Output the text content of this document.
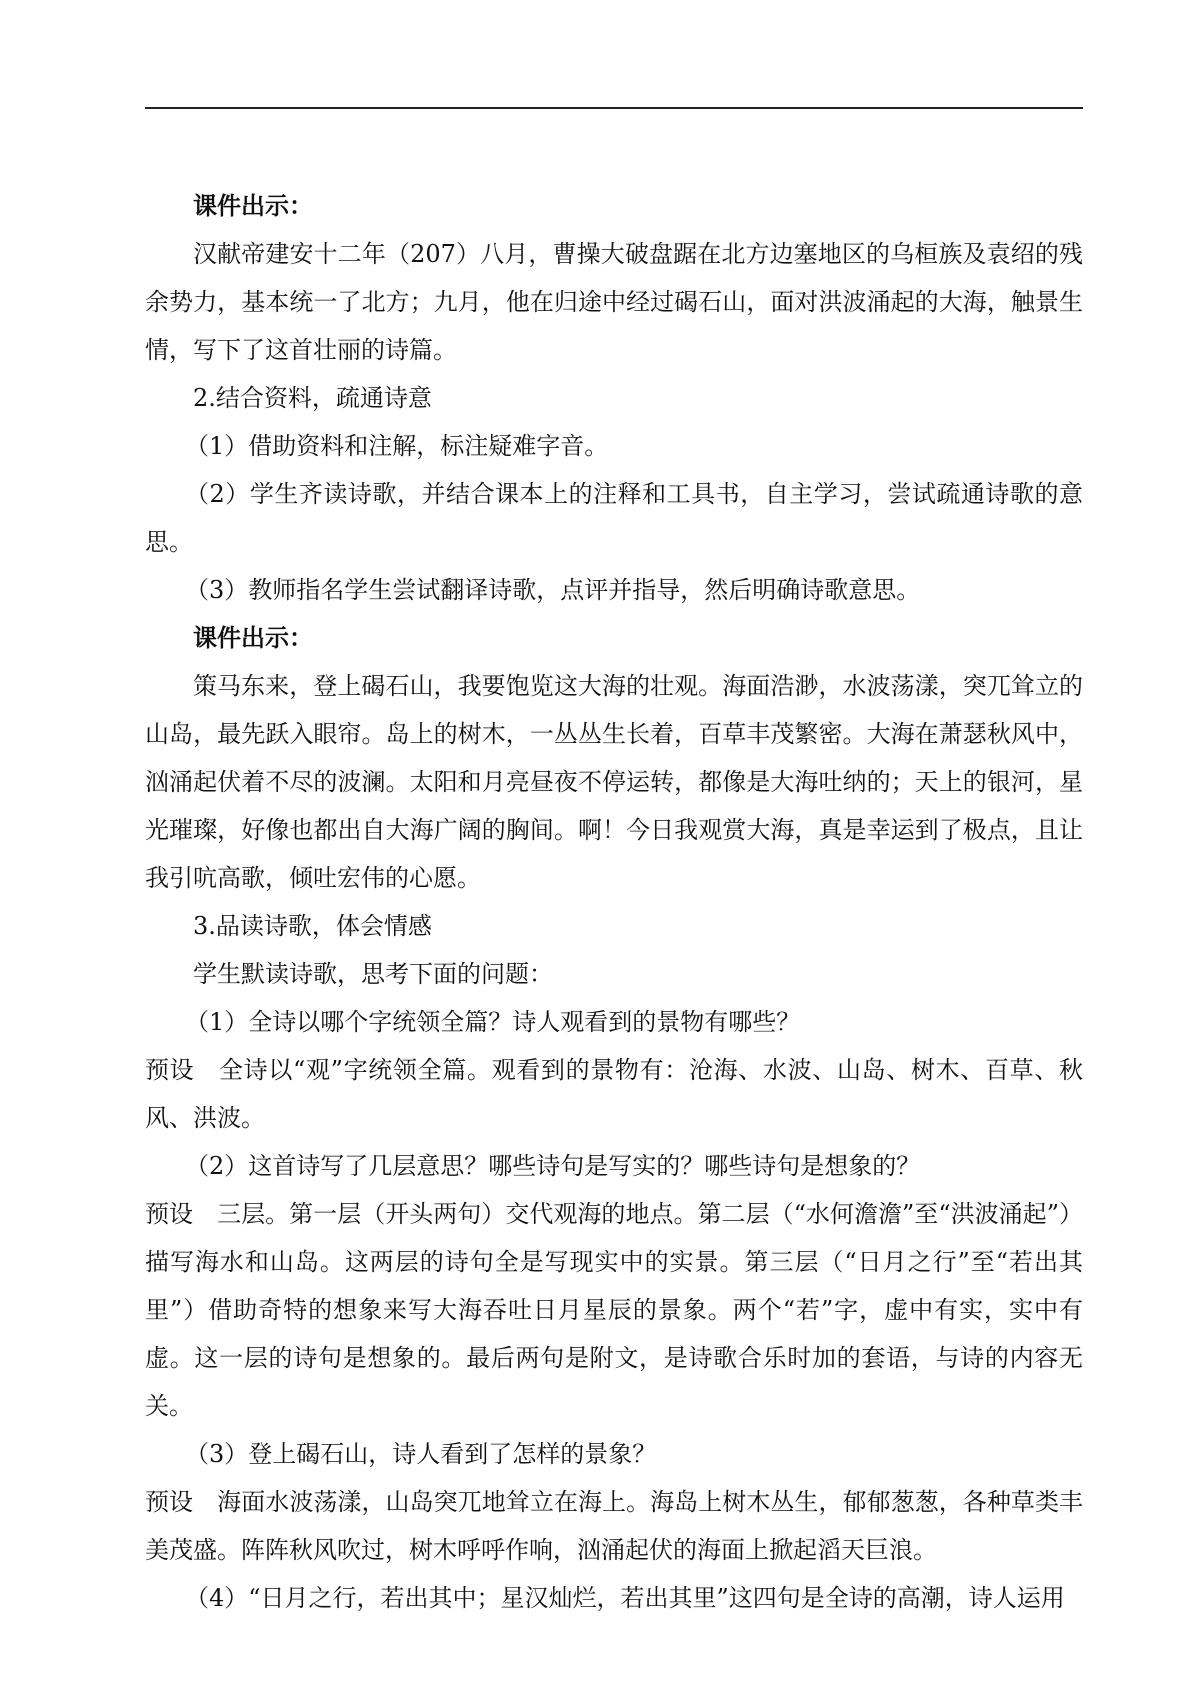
课件出示：

汉献帝建安十二年（207）八月，曹操大破盘踞在北方边塞地区的乌桓族及袁绍的残余势力，基本统一了北方；九月，他在归途中经过碣石山，面对洪波涌起的大海，触景生情，写下了这首壮丽的诗篇。

2.结合资料，疏通诗意

（1）借助资料和注解，标注疑难字音。

（2）学生齐读诗歌，并结合课本上的注释和工具书，自主学习，尝试疏通诗歌的意思。

（3）教师指名学生尝试翻译诗歌，点评并指导，然后明确诗歌意思。

课件出示：

策马东来，登上碣石山，我要饱览这大海的壮观。海面浩渺，水波荡漾，突兀耸立的山岛，最先跃入眼帘。岛上的树木，一丛丛生长着，百草丰茂繁密。大海在萧瑟秋风中，汹涌起伏着不尽的波澜。太阳和月亮昼夜不停运转，都像是大海吐纳的；天上的银河，星光璀璨，好像也都出自大海广阔的胸间。啊！今日我观赏大海，真是幸运到了极点，且让我引吭高歌，倾吐宏伟的心愿。

3.品读诗歌，体会情感

学生默读诗歌，思考下面的问题：

（1）全诗以哪个字统领全篇？诗人观看到的景物有哪些？

预设　全诗以“观”字统领全篇。观看到的景物有：沧海、水波、山岛、树木、百草、秋风、洪波。

（2）这首诗写了几层意思？哪些诗句是写实的？哪些诗句是想象的？

预设　三层。第一层（开头两句）交代观海的地点。第二层（“水何澹澹”至“洪波涌起”）描写海水和山岛。这两层的诗句全是写现实中的实景。第三层（“日月之行”至“若出其里”）借助奇特的想象来写大海吞吐日月星辰的景象。两个“若”字，虚中有实，实中有虚。这一层的诗句是想象的。最后两句是附文，是诗歌合乐时加的套语，与诗的内容无关。

（3）登上碣石山，诗人看到了怎样的景象？

预设　海面水波荡漾，山岛突兀地耸立在海上。海岛上树木丛生，郁郁葱葱，各种草类丰美茂盛。阵阵秋风吹过，树木呼呼作响，汹涌起伏的海面上掀起滔天巨浪。

（4）“日月之行，若出其中；星汉灿烂，若出其里”这四句是全诗的高潮，诗人运用
